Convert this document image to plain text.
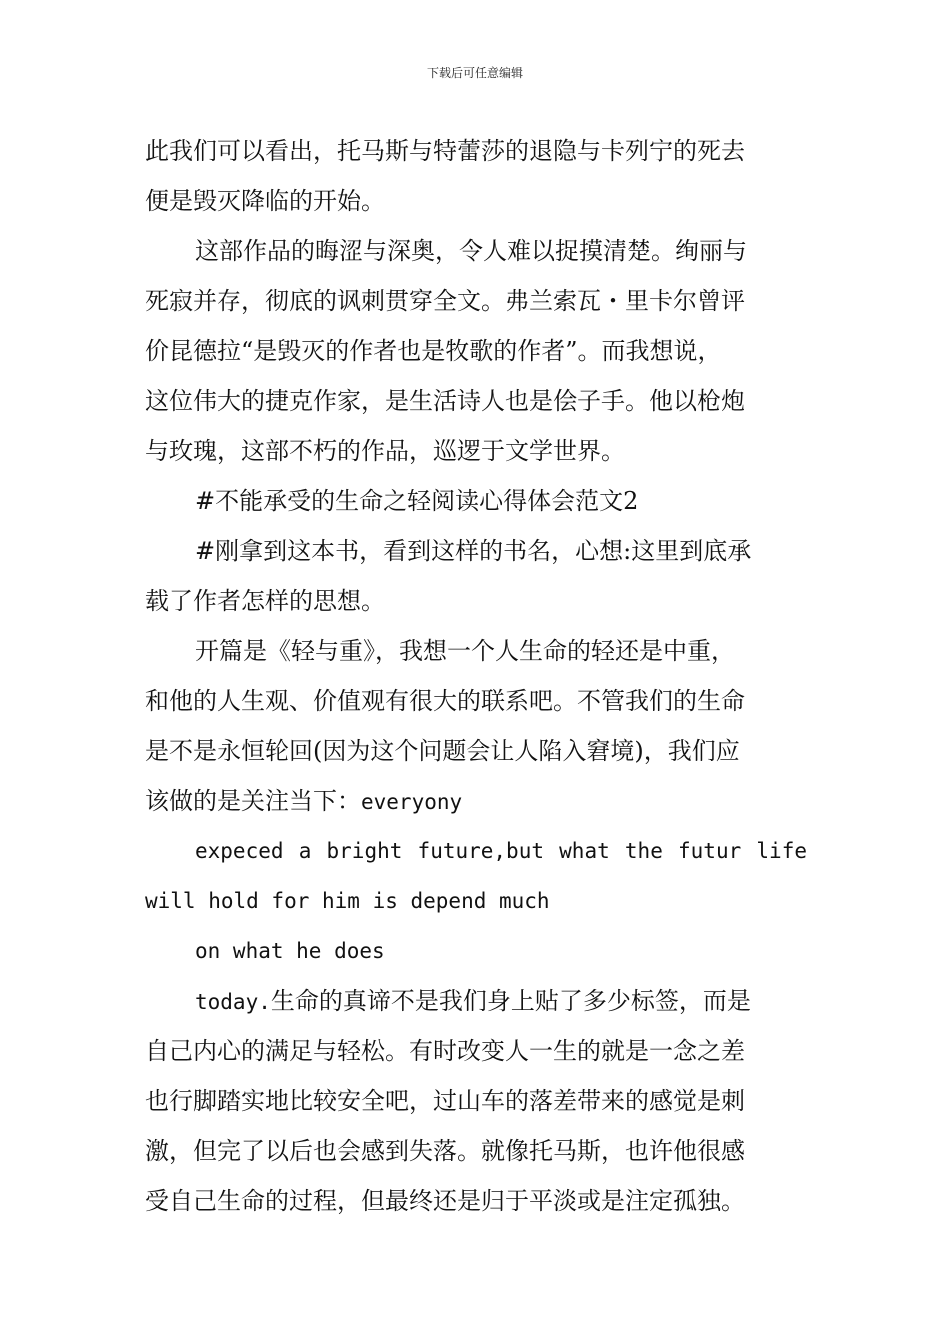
下载后可任意编辑
此我们可以看出，托马斯与特蕾莎的退隐与卡列宁的死去
便是毁灭降临的开始。
这部作品的晦涩与深奥，令人难以捉摸清楚。绚丽与
死寂并存，彻底的讽刺贯穿全文。弗兰索瓦・里卡尔曾评
价昆德拉“是毁灭的作者也是牧歌的作者”。而我想说，
这位伟大的捷克作家，是生活诗人也是侩子手。他以枪炮
与玫瑰，这部不朽的作品，巡逻于文学世界。
#不能承受的生命之轻阅读心得体会范文2
#刚拿到这本书，看到这样的书名，心想:这里到底承
载了作者怎样的思想。
开篇是《轻与重》，我想一个人生命的轻还是中重，
和他的人生观、价值观有很大的联系吧。不管我们的生命
是不是永恒轮回(因为这个问题会让人陷入窘境)，我们应
该做的是关注当下：everyony
expeced a bright future,but what the futur life
will hold for him is depend much
on what he does
today.生命的真谛不是我们身上贴了多少标签，而是
自己内心的满足与轻松。有时改变人一生的就是一念之差
也行脚踏实地比较安全吧，过山车的落差带来的感觉是刺
激，但完了以后也会感到失落。就像托马斯，也许他很感
受自己生命的过程，但最终还是归于平淡或是注定孤独。
